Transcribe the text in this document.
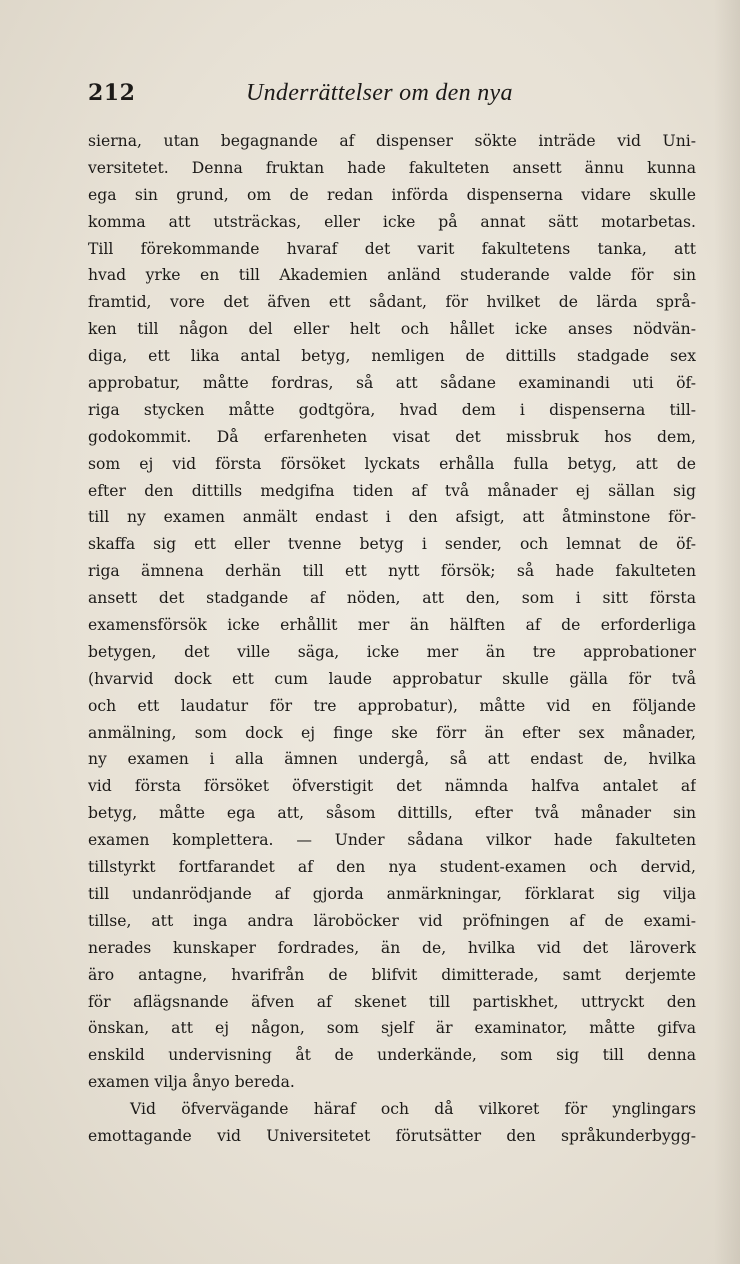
212	Underrättelser om den nya
sierna, utan begagnande af dispenser sökte inträde vid Uni-
versitetet. Denna fruktan hade fakulteten ansett ännu kunna
ega sin grund, om de redan införda dispenserna vidare skulle
komma att utsträckas, eller icke på annat sätt motarbetas.
Till förekommande hvaraf det varit fakultetens tanka, att
hvad yrke en till Akademien anländ studerande valde för sin
framtid, vore det äfven ett sådant, för hvilket de lärda språ-
ken till någon del eller helt och hållet icke anses nödvän-
diga, ett lika antal betyg, nemligen de dittills stadgade sex
approbatur, måtte fordras, så att sådane examinandi uti öf-
riga stycken måtte godtgöra, hvad dem i dispenserna till-
godokommit. Då erfarenheten visat det missbruk hos dem,
som ej vid första försöket lyckats erhålla fulla betyg, att de
efter den dittills medgifna tiden af två månader ej sällan sig
till ny examen anmält endast i den afsigt, att åtminstone för-
skaffa sig ett eller tvenne betyg i sender, och lemnat de öf-
riga ämnena derhän till ett nytt försök; så hade fakulteten
ansett det stadgande af nöden, att den, som i sitt första
examensförsök icke erhållit mer än hälften af de erforderliga
betygen, det ville säga, icke mer än tre approbationer
(hvarvid dock ett cum laude approbatur skulle gälla för två
och ett laudatur för tre approbatur), måtte vid en följande
anmälning, som dock ej finge ske förr än efter sex månader,
ny examen i alla ämnen undergå, så att endast de, hvilka
vid första försöket öfverstigit det nämnda halfva antalet af
betyg, måtte ega att, såsom dittills, efter två månader sin
examen komplettera. — Under sådana vilkor hade fakulteten
tillstyrkt fortfarandet af den nya student-examen och dervid,
till undanrödjande af gjorda anmärkningar, förklarat sig vilja
tillse, att inga andra läroböcker vid pröfningen af de exami-
nerades kunskaper fordrades, än de, hvilka vid det läroverk
äro antagne, hvarifrån de blifvit dimitterade, samt derjemte
för aflägsnande äfven af skenet till partiskhet, uttryckt den
önskan, att ej någon, som sjelf är examinator, måtte gifva
enskild undervisning åt de underkände, som sig till denna
examen vilja ånyo bereda.
Vid öfvervägande häraf och då vilkoret för ynglingars
emottagande vid Universitetet förutsätter den språkunderbygg-
